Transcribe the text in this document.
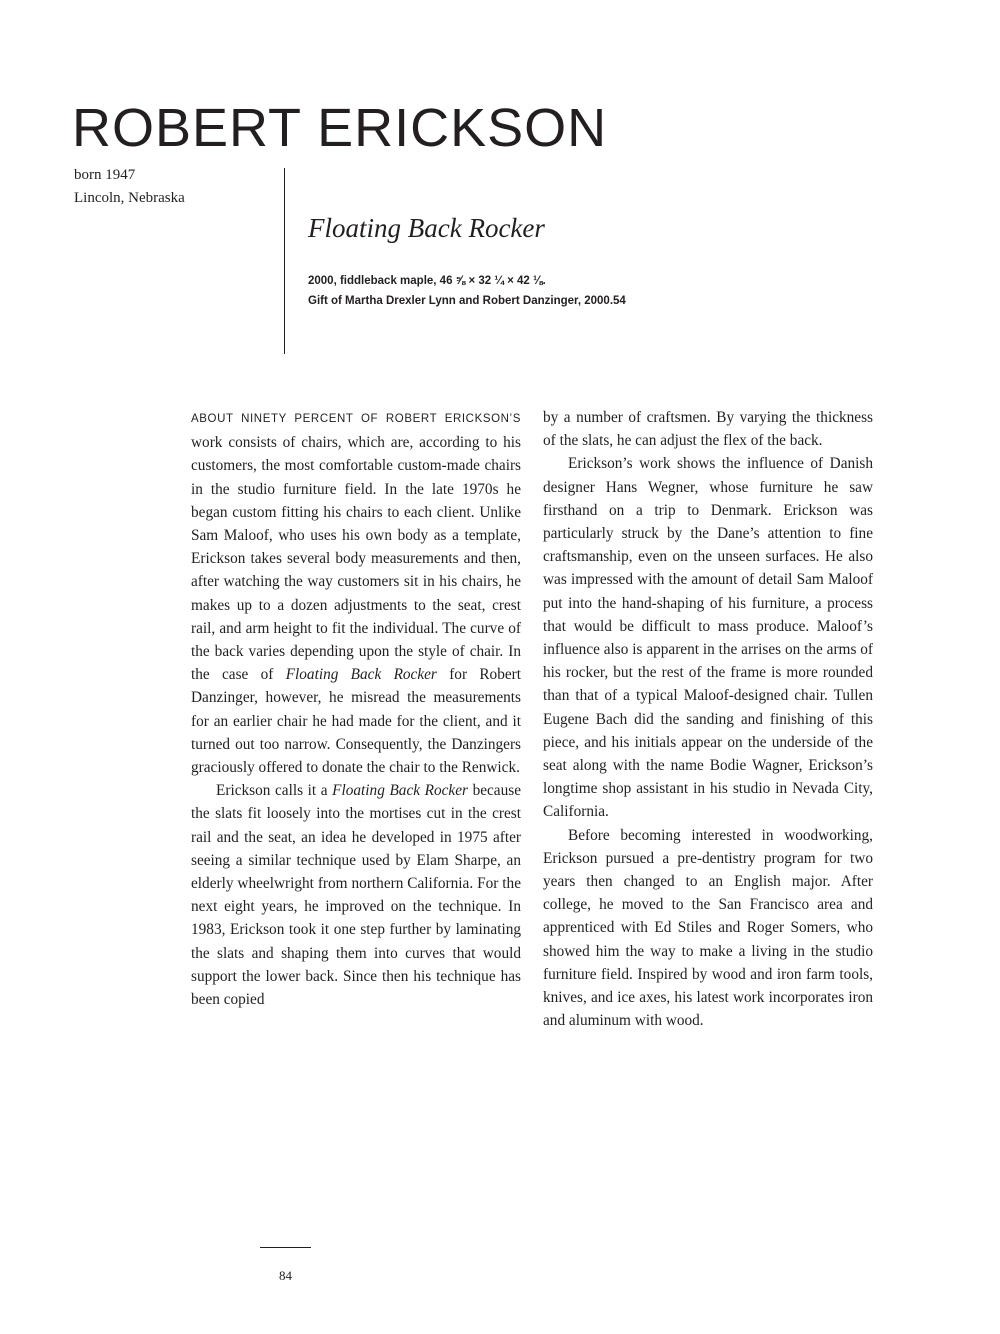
ROBERT ERICKSON
born 1947
Lincoln, Nebraska
Floating Back Rocker
2000, fiddleback maple, 46 ⅝ × 32 ¼ × 42 ⅛.
Gift of Martha Drexler Lynn and Robert Danzinger, 2000.54

ABOUT NINETY PERCENT OF ROBERT ERICKSON’S work consists of chairs, which are, according to his customers, the most comfortable custom-made chairs in the studio furniture field. In the late 1970s he began custom fitting his chairs to each client. Unlike Sam Maloof, who uses his own body as a template, Erickson takes several body measurements and then, after watching the way customers sit in his chairs, he makes up to a dozen adjustments to the seat, crest rail, and arm height to fit the individual. The curve of the back varies depending upon the style of chair. In the case of Floating Back Rocker for Robert Danzinger, however, he misread the measurements for an earlier chair he had made for the client, and it turned out too narrow. Consequently, the Danzingers graciously offered to donate the chair to the Renwick.

Erickson calls it a Floating Back Rocker because the slats fit loosely into the mortises cut in the crest rail and the seat, an idea he developed in 1975 after seeing a similar technique used by Elam Sharpe, an elderly wheelwright from northern California. For the next eight years, he improved on the technique. In 1983, Erickson took it one step further by laminating the slats and shaping them into curves that would support the lower back. Since then his technique has been copied

by a number of craftsmen. By varying the thickness of the slats, he can adjust the flex of the back.

Erickson’s work shows the influence of Danish designer Hans Wegner, whose furniture he saw firsthand on a trip to Denmark. Erickson was particularly struck by the Dane’s attention to fine craftsmanship, even on the unseen surfaces. He also was impressed with the amount of detail Sam Maloof put into the hand-shaping of his furniture, a process that would be difficult to mass produce. Maloof’s influence also is apparent in the arrises on the arms of his rocker, but the rest of the frame is more rounded than that of a typical Maloof-designed chair. Tullen Eugene Bach did the sanding and finishing of this piece, and his initials appear on the underside of the seat along with the name Bodie Wagner, Erickson’s longtime shop assistant in his studio in Nevada City, California.

Before becoming interested in woodworking, Erickson pursued a pre-dentistry program for two years then changed to an English major. After college, he moved to the San Francisco area and apprenticed with Ed Stiles and Roger Somers, who showed him the way to make a living in the studio furniture field. Inspired by wood and iron farm tools, knives, and ice axes, his latest work incorporates iron and aluminum with wood.

84
